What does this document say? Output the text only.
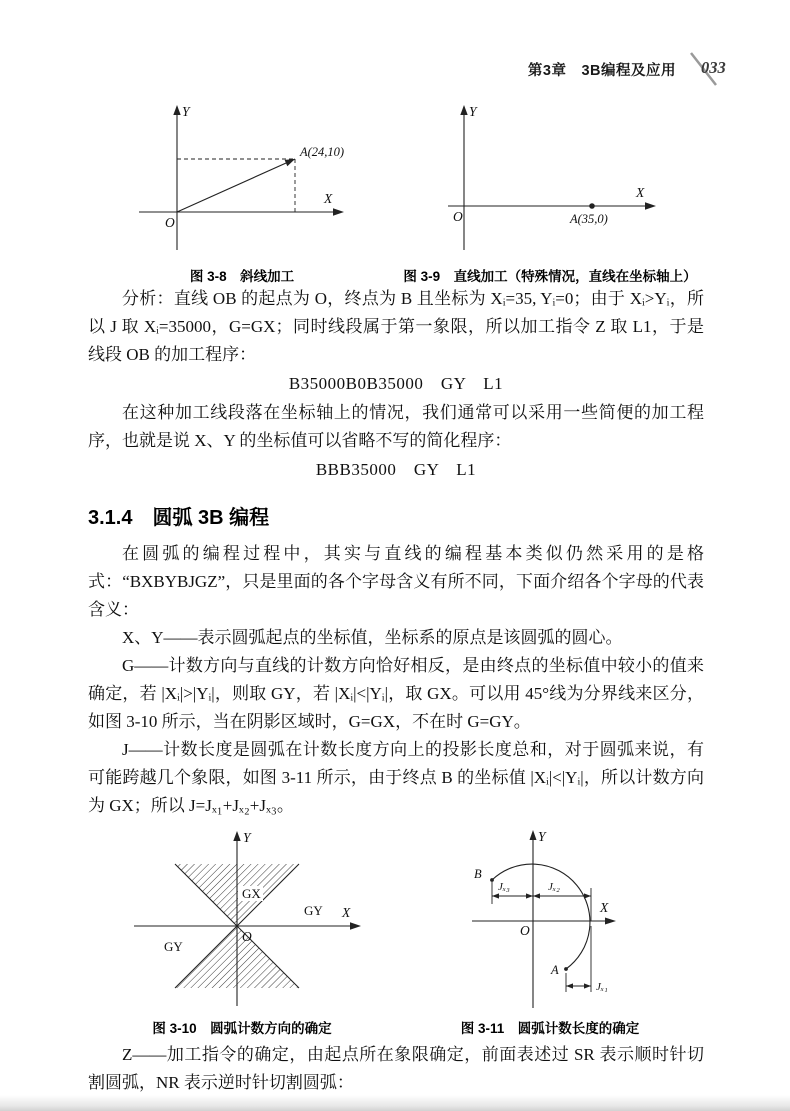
第3章　3B编程及应用 033
Y
X
O
A(24,10)
图 3-8　斜线加工
Y
X
O	A(35,0)
图 3-9　直线加工（特殊情况，直线在坐标轴上）

分析：直线 OB 的起点为 O，终点为 B 且坐标为 Xᵢ=35, Yᵢ=0；由于 Xᵢ>Yᵢ，所以 J 取 Xᵢ=35000，G=GX；同时线段属于第一象限，所以加工指令 Z 取 L1，于是线段 OB 的加工程序：

B35000B0B35000　GY　L1

在这种加工线段落在坐标轴上的情况，我们通常可以采用一些简便的加工程序，也就是说 X、Y 的坐标值可以省略不写的简化程序：

BBB35000　GY　L1
3.1.4　圆弧 3B 编程

在圆弧的编程过程中，其实与直线的编程基本类似仍然采用的是格式：“BXBYBJGZ”，只是里面的各个字母含义有所不同，下面介绍各个字母的代表含义：

X、Y——表示圆弧起点的坐标值，坐标系的原点是该圆弧的圆心。

G——计数方向与直线的计数方向恰好相反，是由终点的坐标值中较小的值来确定，若 |Xᵢ|>|Yᵢ|，则取 GY，若 |Xᵢ|<|Yᵢ|，取 GX。可以用 45°线为分界线来区分，如图 3-10 所示，当在阴影区域时，G=GX，不在时 G=GY。

J——计数长度是圆弧在计数长度方向上的投影长度总和，对于圆弧来说，有可能跨越几个象限，如图 3-11 所示，由于终点 B 的坐标值 |Xᵢ|<|Yᵢ|，所以计数方向为 GX；所以 J=Jₓ₁+Jₓ₂+Jₓ₃。

GX
GY
GY
Y
X
O
图 3-10　圆弧计数方向的确定
Jₓ₃	Jₓ₂
Jₓ₁
Y
X
O
B
A
图 3-11　圆弧计数长度的确定

Z——加工指令的确定，由起点所在象限确定，前面表述过 SR 表示顺时针切割圆弧，NR 表示逆时针切割圆弧：
